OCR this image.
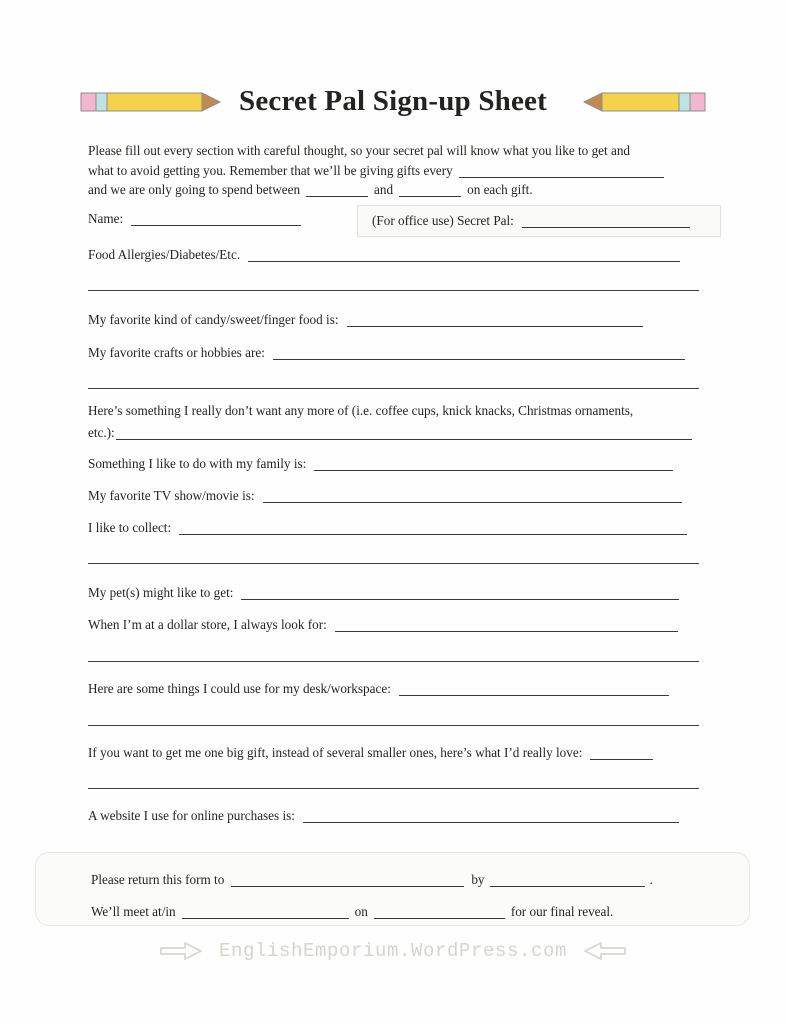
Secret Pal Sign-up Sheet
Please fill out every section with careful thought, so your secret pal will know what you like to get and
what to avoid getting you. Remember that we’ll be giving gifts every
and we are only going to spend between	and	on each gift.
Name:	(For office use) Secret Pal:
Food Allergies/Diabetes/Etc.
My favorite kind of candy/sweet/finger food is:
My favorite crafts or hobbies are:
Here’s something I really don’t want any more of (i.e. coffee cups, knick knacks, Christmas ornaments,
etc.):
Something I like to do with my family is:
My favorite TV show/movie is:
I like to collect:
My pet(s) might like to get:
When I’m at a dollar store, I always look for:
Here are some things I could use for my desk/workspace:
If you want to get me one big gift, instead of several smaller ones, here’s what I’d really love:
A website I use for online purchases is:
Please return this form to	by	.
We’ll meet at/in	on	for our final reveal.
EnglishEmporium.WordPress.com
